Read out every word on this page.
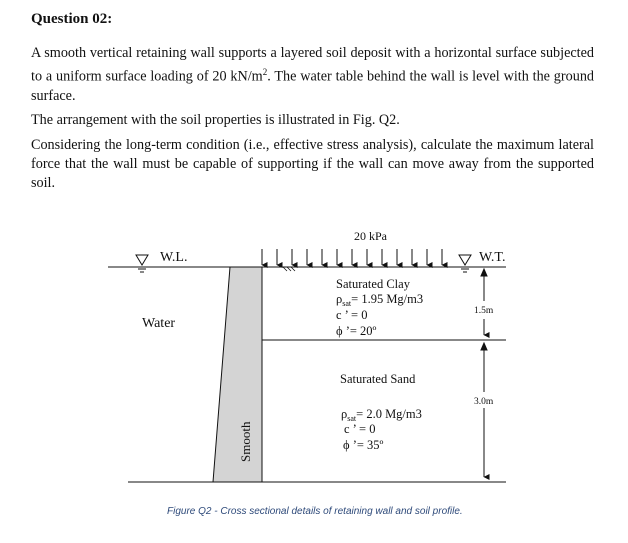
Question 02:
A smooth vertical retaining wall supports a layered soil deposit with a horizontal surface subjected to a uniform surface loading of 20 $kN/m^2$. The water table behind the wall is level with the ground surface.
The arrangement with the soil properties is illustrated in Fig. Q2.
Considering the long-term condition (i.e., effective stress analysis), calculate the maximum lateral force that the wall must be capable of supporting if the wall can move away from the supported soil.
20 kPa
W.L.	W.T.
Water
Smooth
Saturated Clay
$\rho_{sat}= 1.95$ Mg/m3
c ’ = 0
ϕ ’= 20º
Saturated Sand
$\rho_{sat}= 2.0$ Mg/m3
c ’ = 0
ϕ ’= 35º
1.5m
3.0m
Figure Q2 - Cross sectional details of retaining wall and soil profile.
